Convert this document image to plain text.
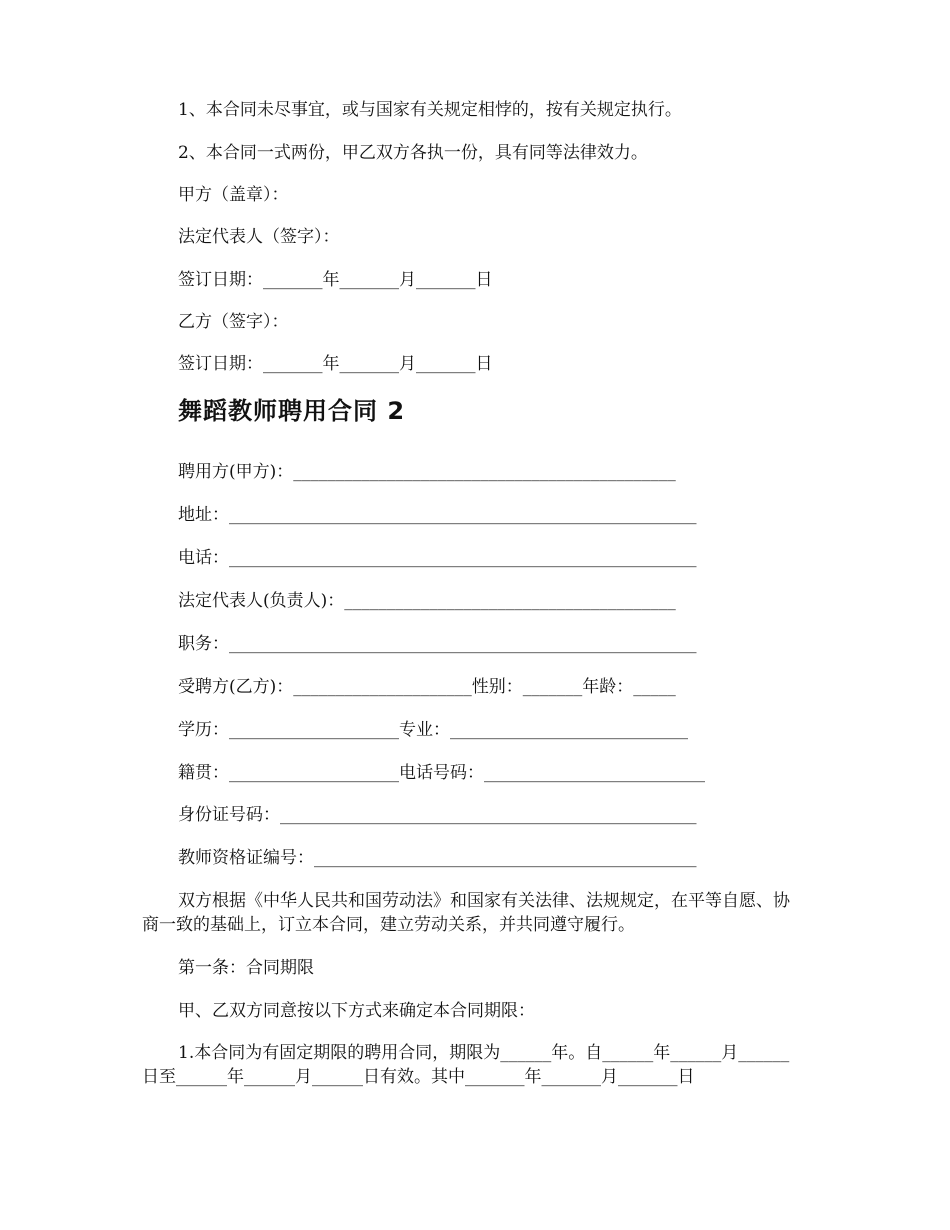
1、本合同未尽事宜，或与国家有关规定相悖的，按有关规定执行。
2、本合同一式两份，甲乙双方各执一份，具有同等法律效力。
甲方（盖章）：
法定代表人（签字）：
签订日期：_______年_______月_______日
乙方（签字）：
签订日期：_______年_______月_______日
舞蹈教师聘用合同 2
聘用方(甲方)：_____________________________________________
地址：_______________________________________________________
电话：_______________________________________________________
法定代表人(负责人)：_______________________________________
职务：_______________________________________________________
受聘方(乙方)：_____________________性别：_______年龄：_____
学历：____________________专业：____________________________
籍贯：____________________电话号码：__________________________
身份证号码：_________________________________________________
教师资格证编号：_____________________________________________
双方根据《中华人民共和国劳动法》和国家有关法律、法规规定，在平等自愿、协商一致的基础上，订立本合同，建立劳动关系，并共同遵守履行。
第一条：合同期限
甲、乙双方同意按以下方式来确定本合同期限：
1.本合同为有固定期限的聘用合同，期限为______年。自______年______月______日至______年______月______日有效。其中_______年_______月_______日
